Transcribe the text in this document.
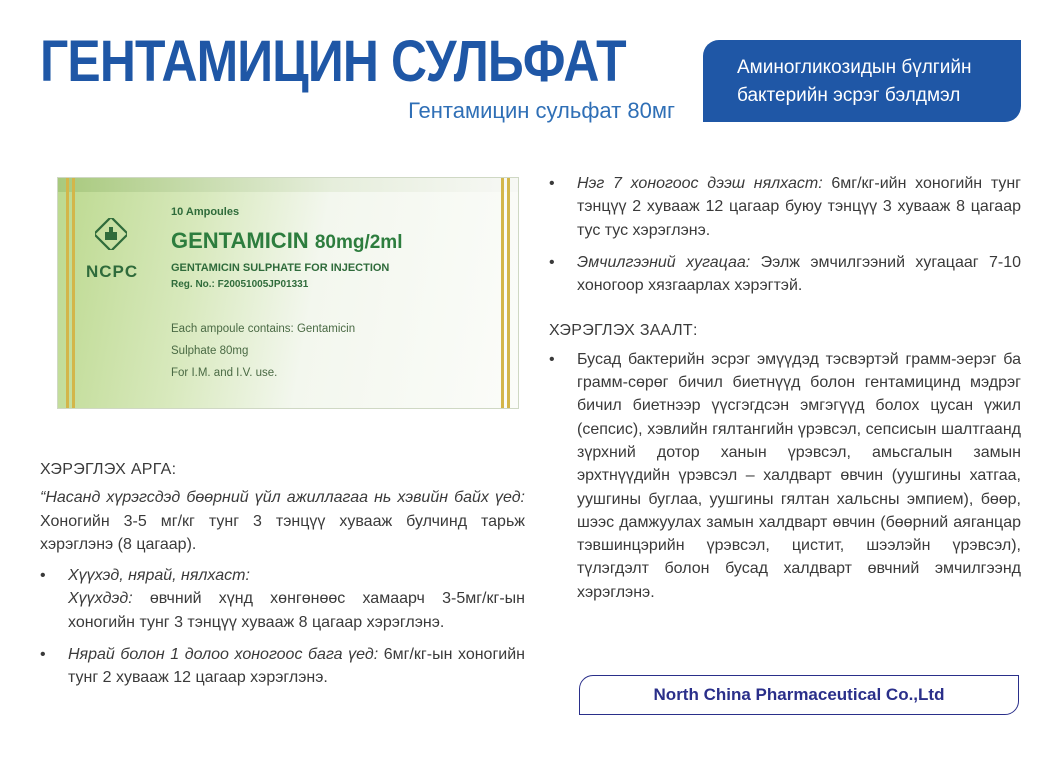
ГЕНТАМИЦИН СУЛЬФАТ
Гентамицин сульфат 80мг
Аминогликозидын бүлгийн
бактерийн эсрэг бэлдмэл
NCPC
10 Ampoules
GENTAMICIN 80mg/2ml
GENTAMICIN SULPHATE FOR INJECTION
Reg. No.: F20051005JP01331
Each ampoule contains: Gentamicin
Sulphate 80mg
For I.M. and I.V. use.
ХЭРЭГЛЭХ АРГА:

“Насанд хүрэгсдэд бөөрний үйл ажиллагаа нь хэвийн байх үед: Хоногийн 3-5 мг/кг тунг 3 тэнцүү хувааж булчинд тарьж хэрэглэнэ (8 цагаар).

• Хүүхэд, нярай, нялхаст:
Хүүхдэд: өвчний хүнд хөнгөнөөс хамаарч 3-5мг/кг-ын хоногийн тунг 3 тэнцүү хувааж 8 цагаар хэрэглэнэ.
• Нярай болон 1 долоо хоногоос бага үед: 6мг/кг-ын хоногийн тунг 2 хувааж 12 цагаар хэрэглэнэ.
• Нэг 7 хоногоос дээш нялхаст: 6мг/кг-ийн хоногийн тунг тэнцүү 2 хувааж 12 цагаар буюу тэнцүү 3 хувааж 8 цагаар тус тус хэрэглэнэ.
• Эмчилгээний хугацаа: Ээлж эмчилгээний хугацааг 7-10 хоногоор хязгаарлах хэрэгтэй.
ХЭРЭГЛЭХ ЗААЛТ:
• Бусад бактерийн эсрэг эмүүдэд тэсвэртэй грамм-эерэг ба грамм-сөрөг бичил биетнүүд болон гентамицинд мэдрэг бичил биетнээр үүсгэгдсэн эмгэгүүд болох цусан үжил (сепсис), хэвлийн гялтангийн үрэвсэл, сепсисын шалтгаанд зүрхний дотор ханын үрэвсэл, амьсгалын замын эрхтнүүдийн үрэвсэл – халдварт өвчин (уушгины хатгаа, уушгины буглаа, уушгины гялтан хальсны эмпием), бөөр, шээс дамжуулах замын халдварт өвчин (бөөрний аяганцар тэвшинцэрийн үрэвсэл, цистит, шээлэйн үрэвсэл), түлэгдэлт болон бусад халдварт өвчний эмчилгээнд хэрэглэнэ.
North China Pharmaceutical Co.,Ltd
